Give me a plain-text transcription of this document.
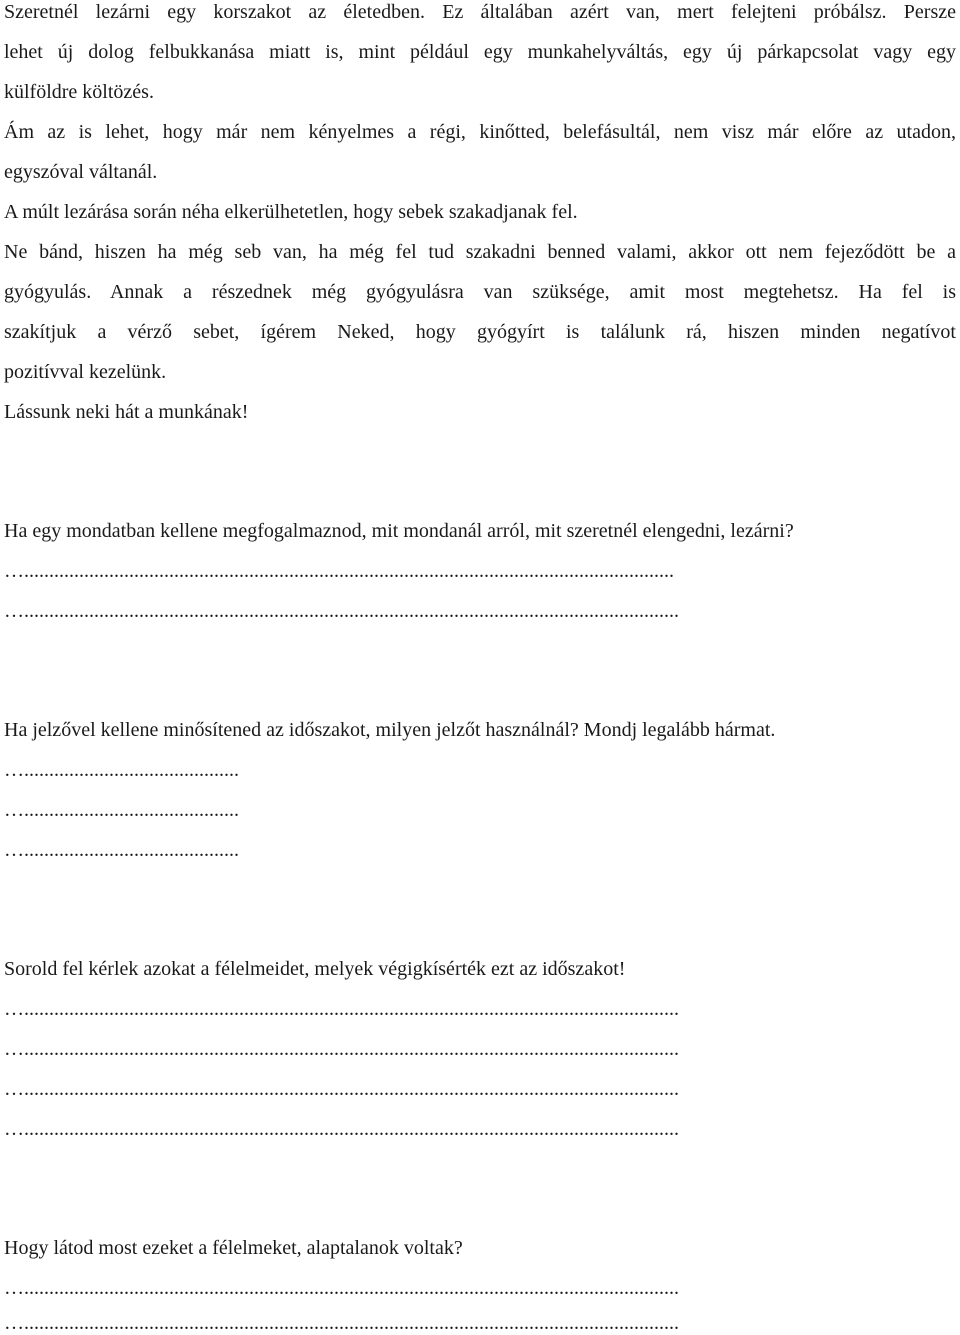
Szeretnél lezárni egy korszakot az életedben. Ez általában azért van, mert felejteni próbálsz. Persze
lehet új dolog felbukkanása miatt is, mint például egy munkahelyváltás, egy új párkapcsolat vagy egy
külföldre költözés.
Ám az is lehet, hogy már nem kényelmes a régi, kinőtted, belefásultál, nem visz már előre az utadon,
egyszóval váltanál.
A múlt lezárása során néha elkerülhetetlen, hogy sebek szakadjanak fel.
Ne bánd, hiszen ha még seb van, ha még fel tud szakadni benned valami, akkor ott nem fejeződött be a
gyógyulás. Annak a részednek még gyógyulásra van szüksége, amit most megtehetsz. Ha fel is
szakítjuk a vérző sebet, ígérem Neked, hogy gyógyírt is találunk rá, hiszen minden negatívot
pozitívval kezelünk.
Lássunk neki hát a munkának!
Ha egy mondatban kellene megfogalmaznod, mit mondanál arról, mit szeretnél elengedni, lezárni?
…..................................................................................................................................
…...................................................................................................................................
Ha jelzővel kellene minősítened az időszakot, milyen jelzőt használnál? Mondj legalább hármat.
…...........................................
…...........................................
…...........................................
Sorold fel kérlek azokat a félelmeidet, melyek végigkísérték ezt az időszakot!
…...................................................................................................................................
…...................................................................................................................................
…...................................................................................................................................
…...................................................................................................................................
Hogy látod most ezeket a félelmeket, alaptalanok voltak?
…...................................................................................................................................
…...................................................................................................................................
